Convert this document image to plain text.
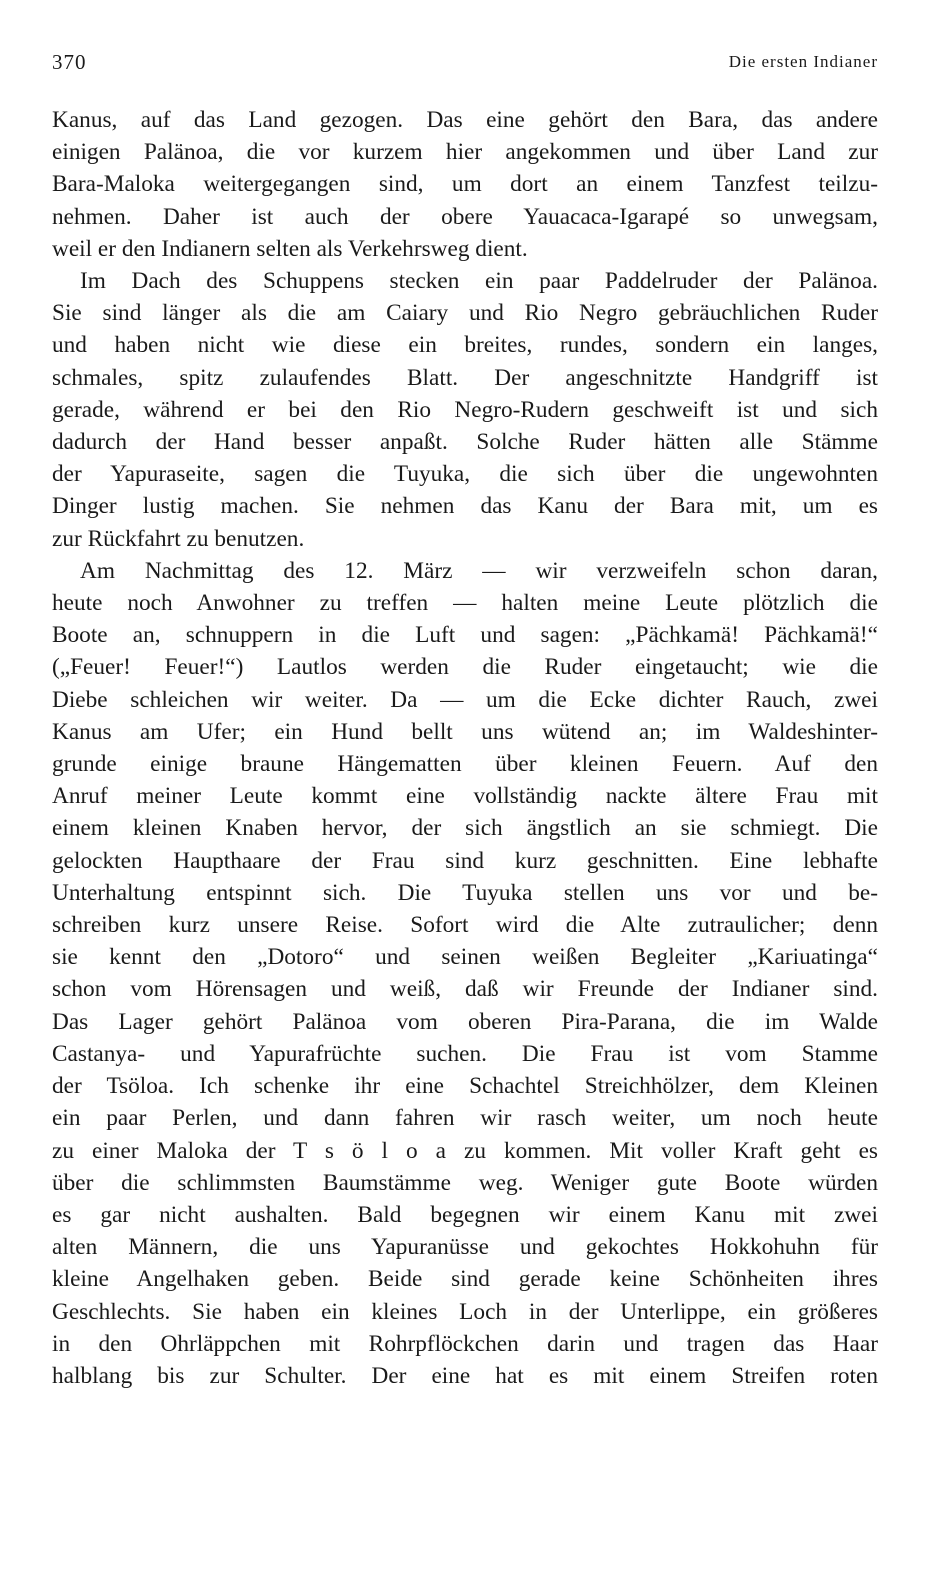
370	Die ersten Indianer

Kanus, auf das Land gezogen. Das eine gehört den Bara, das andere
einigen Palänoa, die vor kurzem hier angekommen und über Land zur
Bara-Maloka weitergegangen sind, um dort an einem Tanzfest teilzu-
nehmen. Daher ist auch der obere Yauacaca-Igarapé so unwegsam,
weil er den Indianern selten als Verkehrsweg dient.

Im Dach des Schuppens stecken ein paar Paddelruder der Palänoa.
Sie sind länger als die am Caiary und Rio Negro gebräuchlichen Ruder
und haben nicht wie diese ein breites, rundes, sondern ein langes,
schmales, spitz zulaufendes Blatt. Der angeschnitzte Handgriff ist
gerade, während er bei den Rio Negro-Rudern geschweift ist und sich
dadurch der Hand besser anpaßt. Solche Ruder hätten alle Stämme
der Yapuraseite, sagen die Tuyuka, die sich über die ungewohnten
Dinger lustig machen. Sie nehmen das Kanu der Bara mit, um es
zur Rückfahrt zu benutzen.

Am Nachmittag des 12. März — wir verzweifeln schon daran,
heute noch Anwohner zu treffen — halten meine Leute plötzlich die
Boote an, schnuppern in die Luft und sagen: „Pächkamä! Pächkamä!“
(„Feuer! Feuer!“) Lautlos werden die Ruder eingetaucht; wie die
Diebe schleichen wir weiter. Da — um die Ecke dichter Rauch, zwei
Kanus am Ufer; ein Hund bellt uns wütend an; im Waldeshinter-
grunde einige braune Hängematten über kleinen Feuern. Auf den
Anruf meiner Leute kommt eine vollständig nackte ältere Frau mit
einem kleinen Knaben hervor, der sich ängstlich an sie schmiegt. Die
gelockten Haupthaare der Frau sind kurz geschnitten. Eine lebhafte
Unterhaltung entspinnt sich. Die Tuyuka stellen uns vor und be-
schreiben kurz unsere Reise. Sofort wird die Alte zutraulicher; denn
sie kennt den „Dotoro“ und seinen weißen Begleiter „Kariuatinga“
schon vom Hörensagen und weiß, daß wir Freunde der Indianer sind.
Das Lager gehört Palänoa vom oberen Pira-Parana, die im Walde
Castanya- und Yapurafrüchte suchen. Die Frau ist vom Stamme
der Tsöloa. Ich schenke ihr eine Schachtel Streichhölzer, dem Kleinen
ein paar Perlen, und dann fahren wir rasch weiter, um noch heute
zu einer Maloka der T s ö l o a zu kommen. Mit voller Kraft geht es
über die schlimmsten Baumstämme weg. Weniger gute Boote würden
es gar nicht aushalten. Bald begegnen wir einem Kanu mit zwei
alten Männern, die uns Yapuranüsse und gekochtes Hokkohuhn für
kleine Angelhaken geben. Beide sind gerade keine Schönheiten ihres
Geschlechts. Sie haben ein kleines Loch in der Unterlippe, ein größeres
in den Ohrläppchen mit Rohrpflöckchen darin und tragen das Haar
halblang bis zur Schulter. Der eine hat es mit einem Streifen roten
